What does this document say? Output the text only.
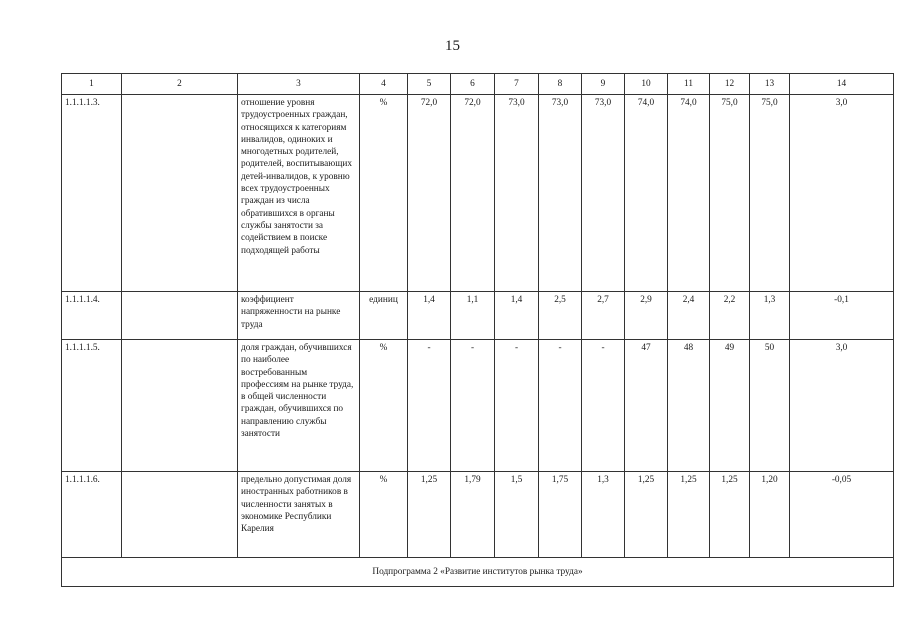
15
1	2	3	4	5	6	7	8	9	10	11	12	13	14
1.1.1.1.3.		отношение уровня трудоустроенных граждан, относящихся к категориям инвалидов, одиноких и многодетных родителей, родителей, воспитывающих детей-инвалидов, к уровню всех трудоустроенных граждан из числа обратившихся в органы службы занятости за содействием в поиске подходящей работы	%	72,0	72,0	73,0	73,0	73,0	74,0	74,0	75,0	75,0	3,0
1.1.1.1.4.		коэффициент напряженности на рынке труда	единиц	1,4	1,1	1,4	2,5	2,7	2,9	2,4	2,2	1,3	-0,1
1.1.1.1.5.		доля граждан, обучившихся по наиболее востребованным профессиям на рынке труда, в общей численности граждан, обучившихся по направлению службы занятости	%	-	-	-	-	-	47	48	49	50	3,0
1.1.1.1.6.		предельно допустимая доля иностранных работников в численности занятых в экономике Республики Карелия	%	1,25	1,79	1,5	1,75	1,3	1,25	1,25	1,25	1,20	-0,05
Подпрограмма 2 «Развитие институтов рынка труда»													
